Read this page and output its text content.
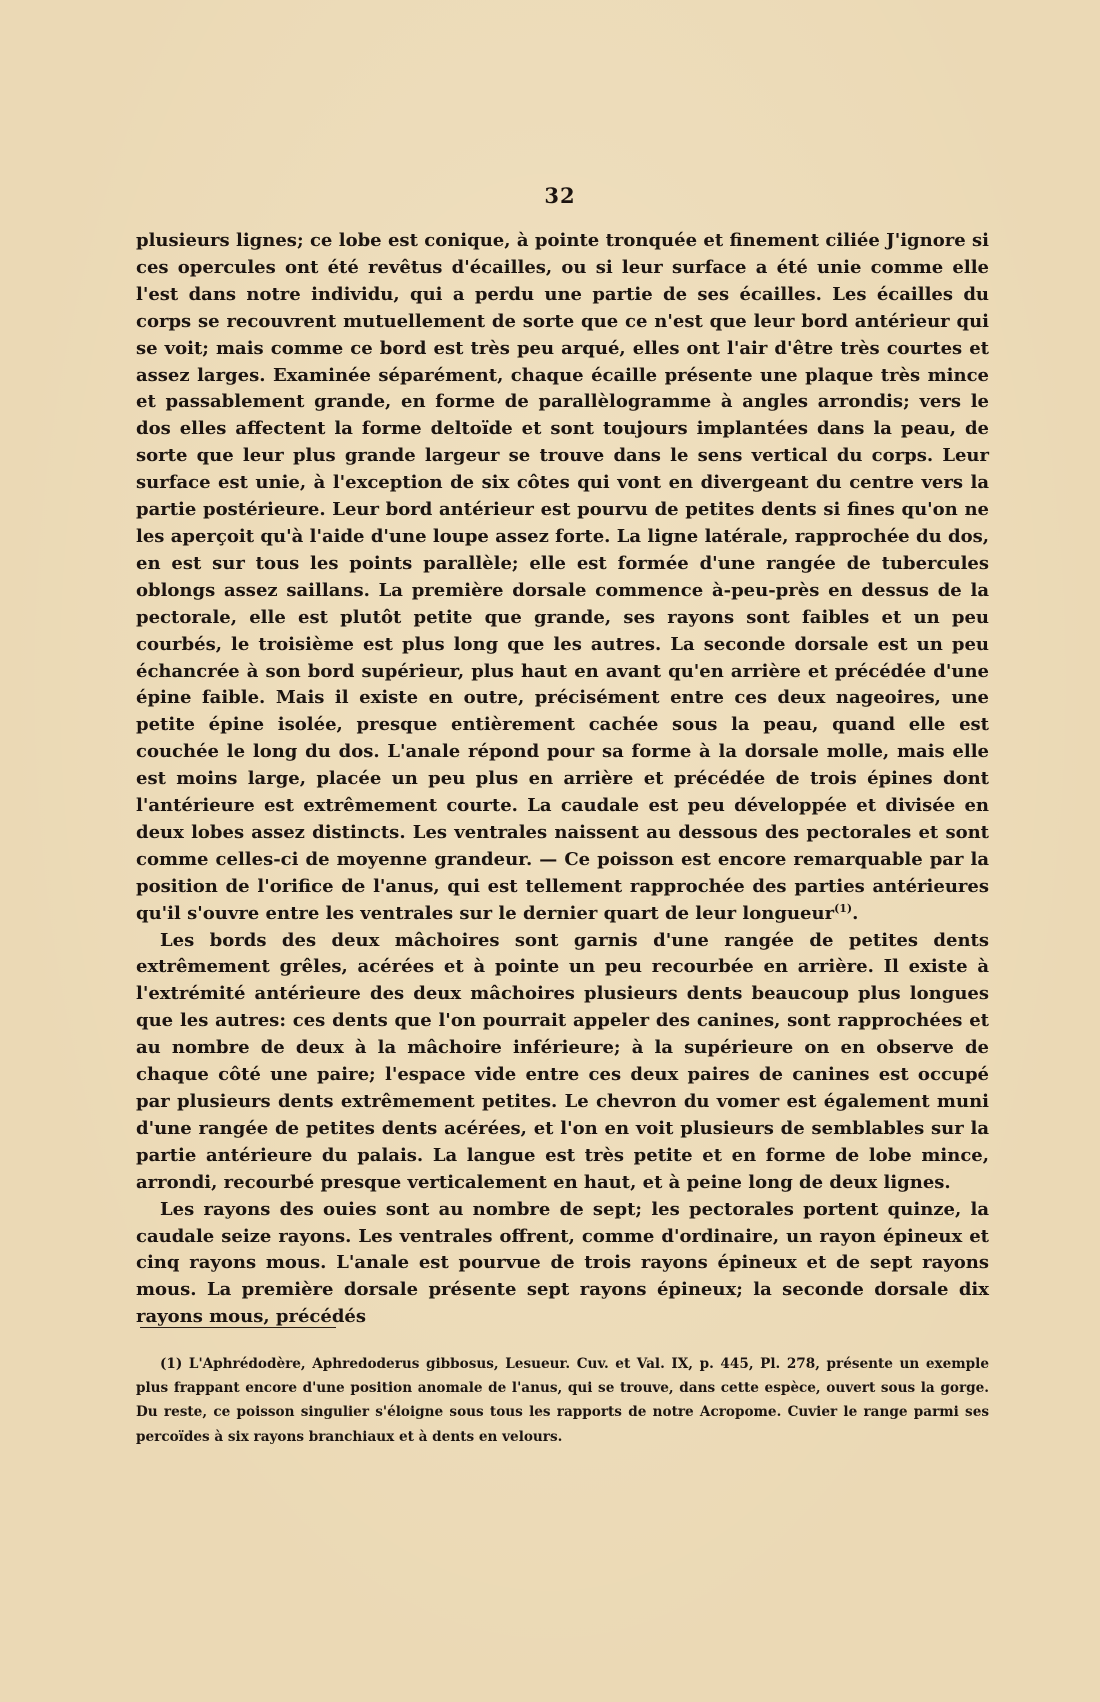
32

plusieurs lignes; ce lobe est conique, à pointe tronquée et finement ciliée J'ignore si ces opercules ont été revêtus d'écailles, ou si leur surface a été unie comme elle l'est dans notre individu, qui a perdu une partie de ses écailles. Les écailles du corps se recouvrent mutuellement de sorte que ce n'est que leur bord antérieur qui se voit; mais comme ce bord est très peu arqué, elles ont l'air d'être très courtes et assez larges. Examinée séparément, chaque écaille présente une plaque très mince et passablement grande, en forme de parallèlogramme à angles arrondis; vers le dos elles affectent la forme deltoïde et sont toujours implantées dans la peau, de sorte que leur plus grande largeur se trouve dans le sens vertical du corps. Leur surface est unie, à l'exception de six côtes qui vont en divergeant du centre vers la partie postérieure. Leur bord antérieur est pourvu de petites dents si fines qu'on ne les aperçoit qu'à l'aide d'une loupe assez forte. La ligne latérale, rapprochée du dos, en est sur tous les points parallèle; elle est formée d'une rangée de tubercules oblongs assez saillans. La première dorsale commence à-peu-près en dessus de la pectorale, elle est plutôt petite que grande, ses rayons sont faibles et un peu courbés, le troisième est plus long que les autres. La seconde dorsale est un peu échancrée à son bord supérieur, plus haut en avant qu'en arrière et précédée d'une épine faible. Mais il existe en outre, précisément entre ces deux nageoires, une petite épine isolée, presque entièrement cachée sous la peau, quand elle est couchée le long du dos. L'anale répond pour sa forme à la dorsale molle, mais elle est moins large, placée un peu plus en arrière et précédée de trois épines dont l'antérieure est extrêmement courte. La caudale est peu développée et divisée en deux lobes assez distincts. Les ventrales naissent au dessous des pectorales et sont comme celles-ci de moyenne grandeur. — Ce poisson est encore remarquable par la position de l'orifice de l'anus, qui est tellement rapprochée des parties antérieures qu'il s'ouvre entre les ventrales sur le dernier quart de leur longueur$^{(1)}$.

Les bords des deux mâchoires sont garnis d'une rangée de petites dents extrêmement grêles, acérées et à pointe un peu recourbée en arrière. Il existe à l'extrémité antérieure des deux mâchoires plusieurs dents beaucoup plus longues que les autres: ces dents que l'on pourrait appeler des canines, sont rapprochées et au nombre de deux à la mâchoire inférieure; à la supérieure on en observe de chaque côté une paire; l'espace vide entre ces deux paires de canines est occupé par plusieurs dents extrêmement petites. Le chevron du vomer est également muni d'une rangée de petites dents acérées, et l'on en voit plusieurs de semblables sur la partie antérieure du palais. La langue est très petite et en forme de lobe mince, arrondi, recourbé presque verticalement en haut, et à peine long de deux lignes.

Les rayons des ouies sont au nombre de sept; les pectorales portent quinze, la caudale seize rayons. Les ventrales offrent, comme d'ordinaire, un rayon épineux et cinq rayons mous. L'anale est pourvue de trois rayons épineux et de sept rayons mous. La première dorsale présente sept rayons épineux; la seconde dorsale dix rayons mous, précédés

(1) L'Aphrédodère, Aphredoderus gibbosus, Lesueur. Cuv. et Val. IX, p. 445, Pl. 278, présente un exemple plus frappant encore d'une position anomale de l'anus, qui se trouve, dans cette espèce, ouvert sous la gorge. Du reste, ce poisson singulier s'éloigne sous tous les rapports de notre Acropome. Cuvier le range parmi ses percoïdes à six rayons branchiaux et à dents en velours.
